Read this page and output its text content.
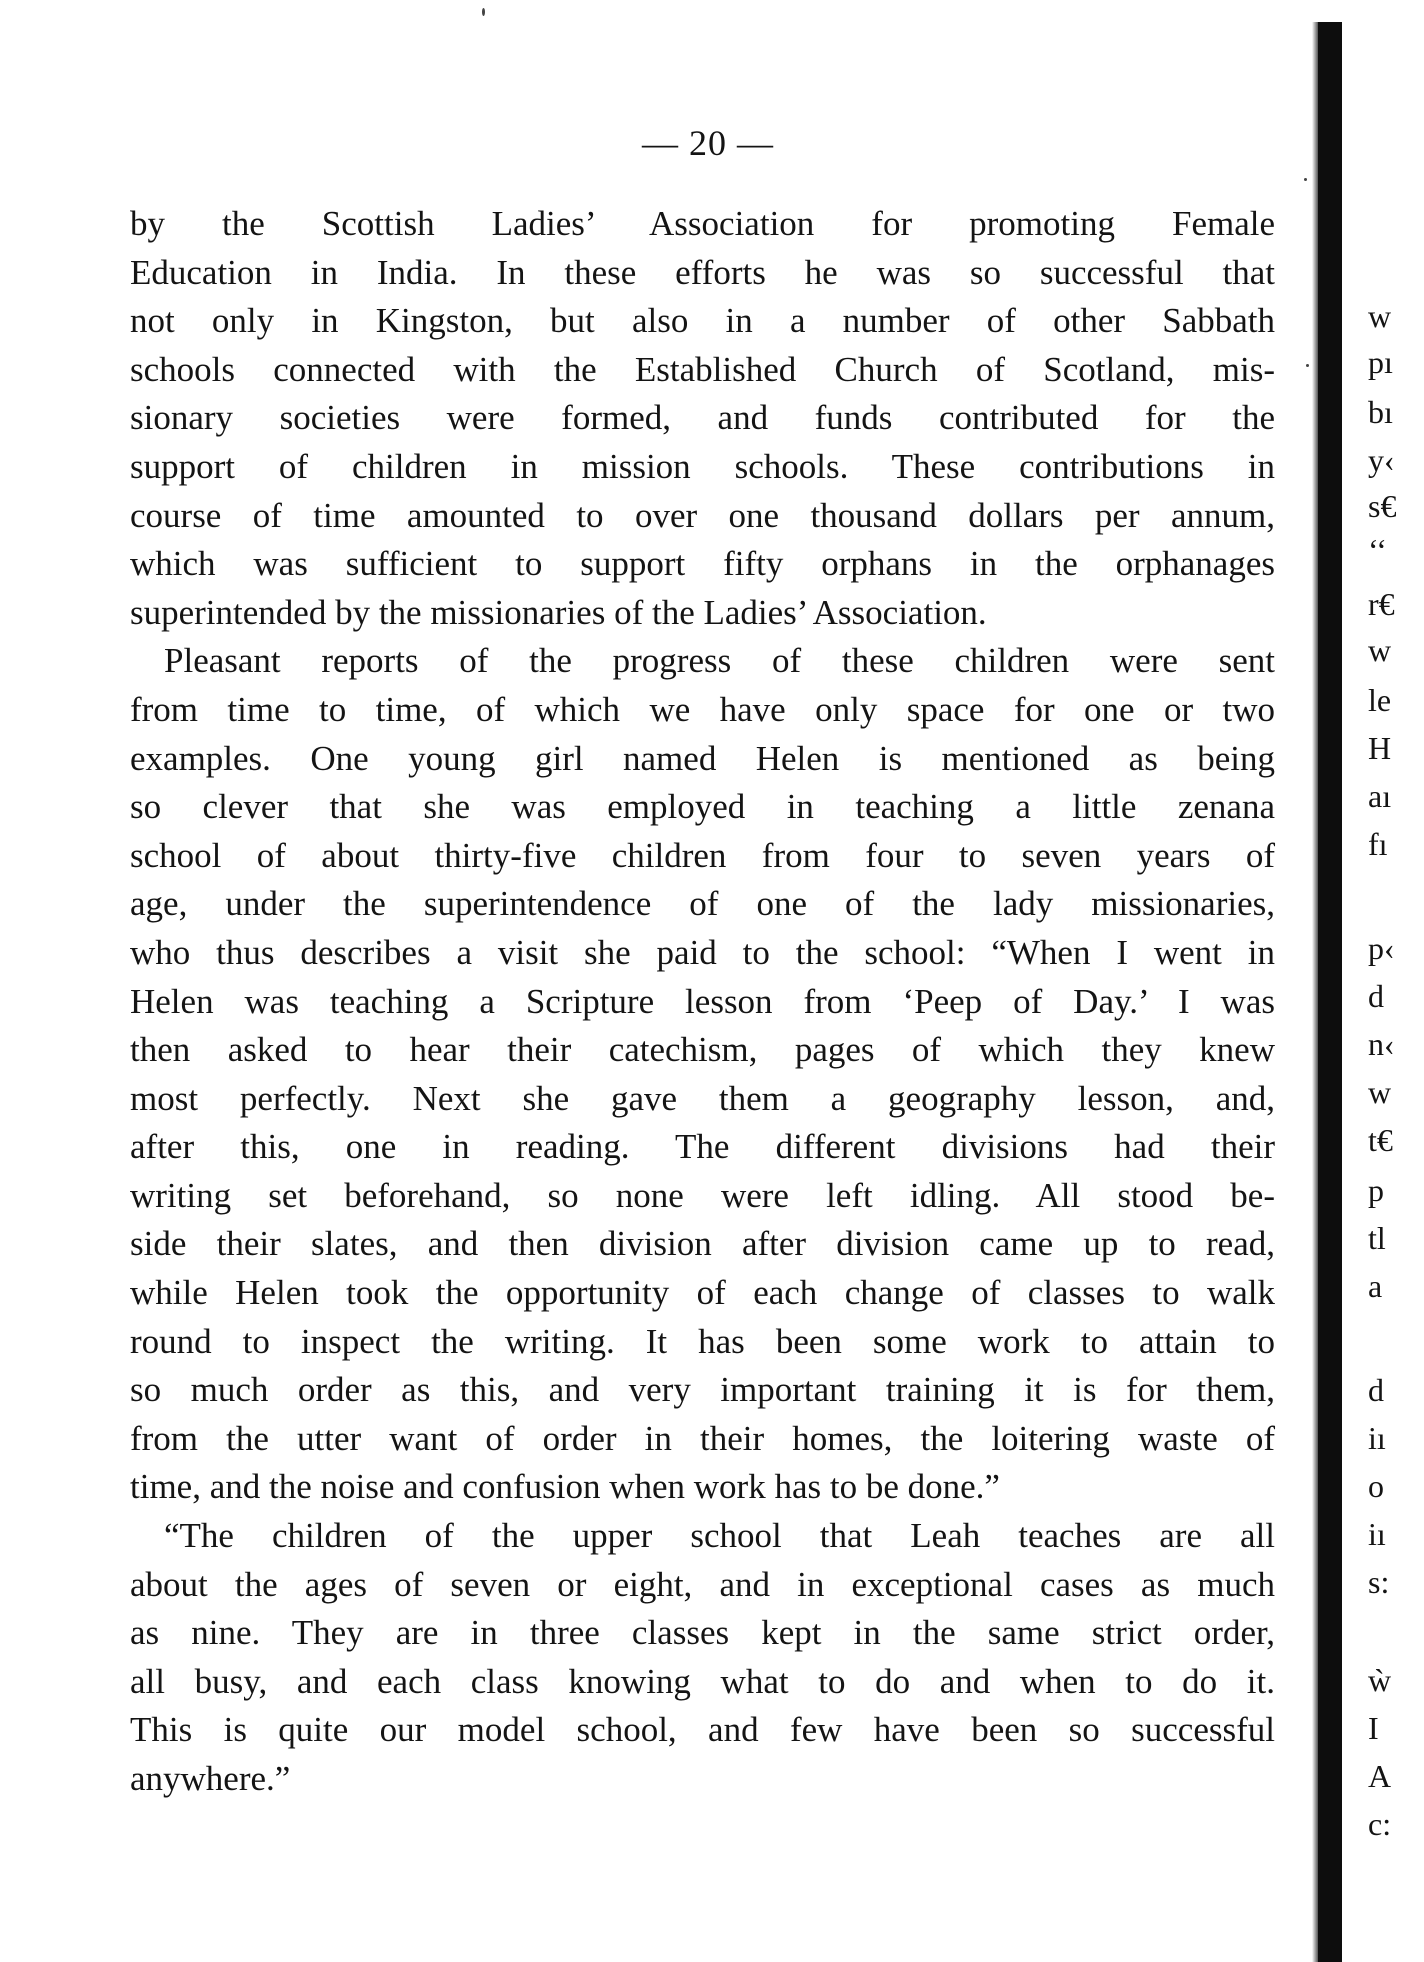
— 20 —
by the Scottish Ladies’ Association for promoting Female
Education in India. In these efforts he was so successful that
not only in Kingston, but also in a number of other Sabbath
schools connected with the Established Church of Scotland, mis-
sionary societies were formed, and funds contributed for the
support of children in mission schools. These contributions in
course of time amounted to over one thousand dollars per annum,
which was sufficient to support fifty orphans in the orphanages
superintended by the missionaries of the Ladies’ Association.
Pleasant reports of the progress of these children were sent
from time to time, of which we have only space for one or two
examples. One young girl named Helen is mentioned as being
so clever that she was employed in teaching a little zenana
school of about thirty-five children from four to seven years of
age, under the superintendence of one of the lady missionaries,
who thus describes a visit she paid to the school: “When I went in
Helen was teaching a Scripture lesson from ‘Peep of Day.’ I was
then asked to hear their catechism, pages of which they knew
most perfectly. Next she gave them a geography lesson, and,
after this, one in reading. The different divisions had their
writing set beforehand, so none were left idling. All stood be-
side their slates, and then division after division came up to read,
while Helen took the opportunity of each change of classes to walk
round to inspect the writing. It has been some work to attain to
so much order as this, and very important training it is for them,
from the utter want of order in their homes, the loitering waste of
time, and the noise and confusion when work has to be done.”
“The children of the upper school that Leah teaches are all
about the ages of seven or eight, and in exceptional cases as much
as nine. They are in three classes kept in the same strict order,
all busy, and each class knowing what to do and when to do it.
This is quite our model school, and few have been so successful
anywhere.”
w
pı
bı
y‹
s€
‘‘
r€
w
le
H
aı
fı
p‹
d
n‹
w
t€
p
tl
a
d
iı
o
iı
s:
ẁ
I
A
c:
